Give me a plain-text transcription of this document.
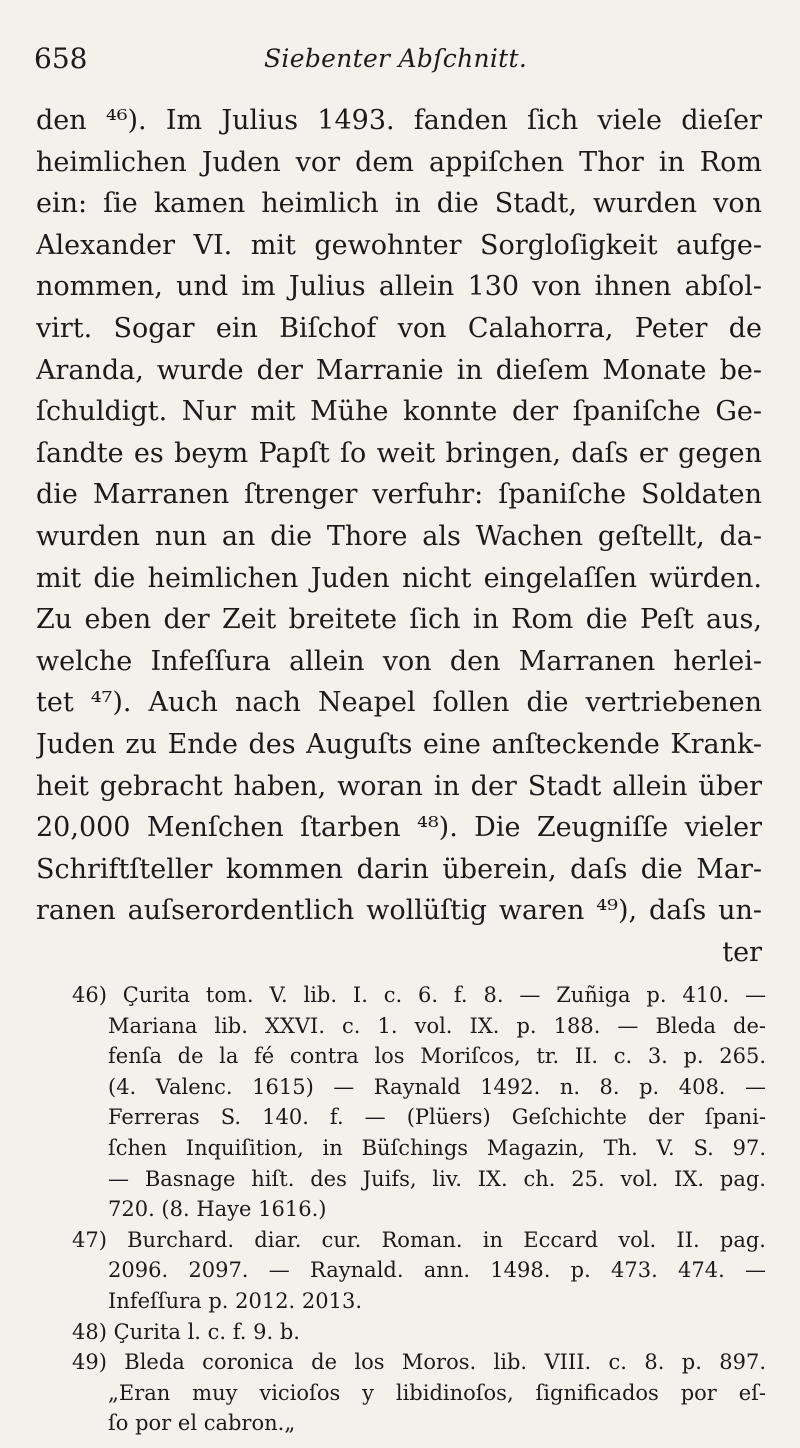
658	Siebenter Abſchnitt.
den ⁴⁶). Im Julius 1493. fanden ſich viele dieſer
heimlichen Juden vor dem appiſchen Thor in Rom
ein: ſie kamen heimlich in die Stadt, wurden von
Alexander VI. mit gewohnter Sorgloſigkeit aufge-
nommen, und im Julius allein 130 von ihnen abſol-
virt. Sogar ein Biſchof von Calahorra, Peter de
Aranda, wurde der Marranie in dieſem Monate be-
ſchuldigt. Nur mit Mühe konnte der ſpaniſche Ge-
ſandte es beym Papſt ſo weit bringen, daſs er gegen
die Marranen ſtrenger verfuhr: ſpaniſche Soldaten
wurden nun an die Thore als Wachen geſtellt, da-
mit die heimlichen Juden nicht eingelaſſen würden.
Zu eben der Zeit breitete ſich in Rom die Peſt aus,
welche Infeſſura allein von den Marranen herlei-
tet ⁴⁷). Auch nach Neapel ſollen die vertriebenen
Juden zu Ende des Auguſts eine anſteckende Krank-
heit gebracht haben, woran in der Stadt allein über
20,000 Menſchen ſtarben ⁴⁸). Die Zeugniſſe vieler
Schriftſteller kommen darin überein, daſs die Mar-
ranen auſserordentlich wollüſtig waren ⁴⁹), daſs un-
ter
46) Çurita tom. V. lib. I. c. 6. f. 8. — Zuñiga p. 410. —
Mariana lib. XXVI. c. 1. vol. IX. p. 188. — Bleda de-
fenſa de la fé contra los Moriſcos, tr. II. c. 3. p. 265.
(4. Valenc. 1615) — Raynald 1492. n. 8. p. 408. —
Ferreras S. 140. f. — (Plüers) Geſchichte der ſpani-
ſchen Inquiſition, in Büſchings Magazin, Th. V. S. 97.
— Basnage hiſt. des Juifs, liv. IX. ch. 25. vol. IX. pag.
720. (8. Haye 1616.)
47) Burchard. diar. cur. Roman. in Eccard vol. II. pag.
2096. 2097. — Raynald. ann. 1498. p. 473. 474. —
Infeſſura p. 2012. 2013.
48) Çurita l. c. f. 9. b.
49) Bleda coronica de los Moros. lib. VIII. c. 8. p. 897.
„Eran muy vicioſos y libidinoſos, ſignificados por eſ-
ſo por el cabron.„
